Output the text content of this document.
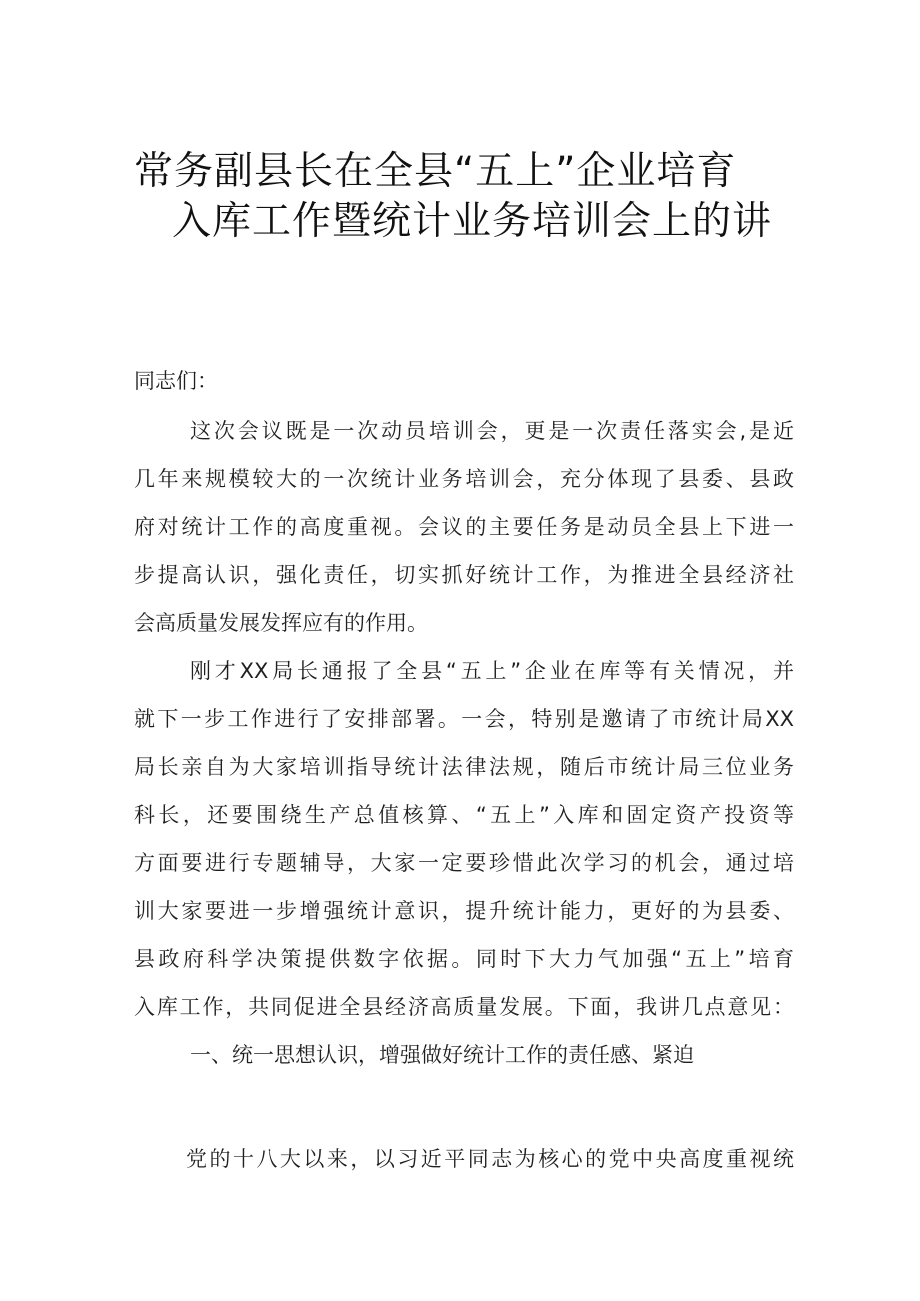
常务副县长在全县“五上”企业培育
入库工作暨统计业务培训会上的讲
同志们：
这次会议既是一次动员培训会，更是一次责任落实会,是近
几年来规模较大的一次统计业务培训会，充分体现了县委、县政
府对统计工作的高度重视。会议的主要任务是动员全县上下进一
步提高认识，强化责任，切实抓好统计工作，为推进全县经济社
会高质量发展发挥应有的作用。
刚才XX局长通报了全县“五上”企业在库等有关情况，并
就下一步工作进行了安排部署。一会，特别是邀请了市统计局XX
局长亲自为大家培训指导统计法律法规，随后市统计局三位业务
科长，还要围绕生产总值核算、“五上”入库和固定资产投资等
方面要进行专题辅导，大家一定要珍惜此次学习的机会，通过培
训大家要进一步增强统计意识，提升统计能力，更好的为县委、
县政府科学决策提供数字依据。同时下大力气加强“五上”培育
入库工作，共同促进全县经济高质量发展。下面，我讲几点意见：
一、统一思想认识，增强做好统计工作的责任感、紧迫
党的十八大以来，以习近平同志为核心的党中央高度重视统
